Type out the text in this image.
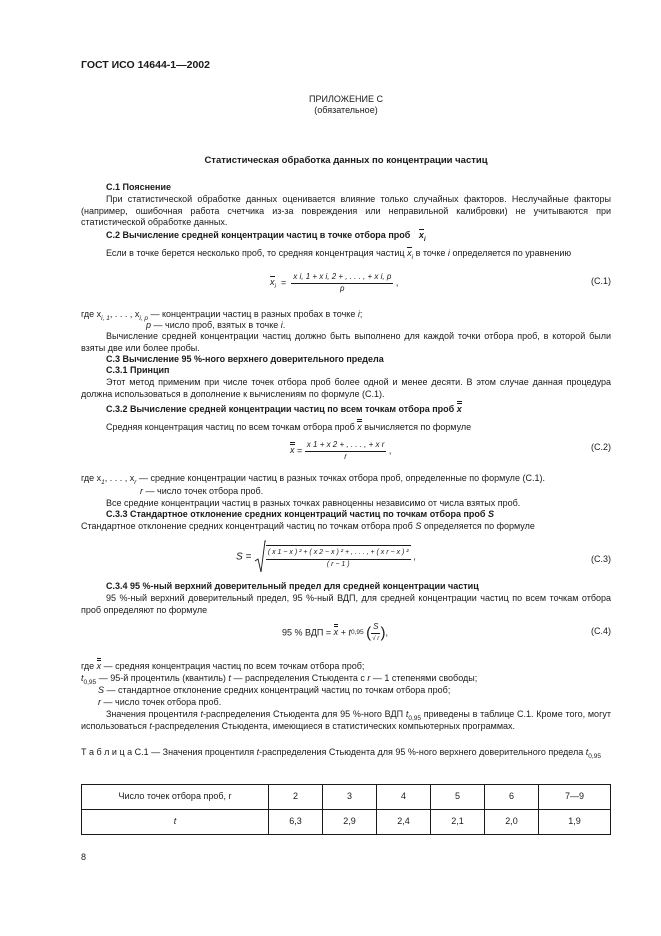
ГОСТ ИСО 14644-1—2002
ПРИЛОЖЕНИЕ С
(обязательное)
Статистическая обработка данных по концентрации частиц
С.1 Пояснение
При статистической обработке данных оценивается влияние только случайных факторов. Неслучайные факторы (например, ошибочная работа счетчика из-за повреждения или неправильной калибровки) не учитываются при статистической обработке данных.
С.2 Вычисление средней концентрации частиц в точке отбора проб $x_i$
Если в точке берется несколько проб, то средняя концентрация частиц $x_i$ в точке i определяется по уравнению
$x_i = \frac{\text{x i, 1 + x i, 2 + , . . . , + x i, p}}{p}$ ,	(С.1)
где $x_{i, 1}$, . . . , $x_{i, p}$ — концентрации частиц в разных пробах в точке i;
p — число проб, взятых в точке i.
Вычисление средней концентрации частиц должно быть выполнено для каждой точки отбора проб, в которой были взяты две или более пробы.
С.3 Вычисление 95 %-ного верхнего доверительного предела
С.3.1 Принцип
Этот метод применим при числе точек отбора проб более одной и менее десяти. В этом случае данная процедура должна использоваться в дополнение к вычислениям по формуле (С.1).
С.3.2 Вычисление средней концентрации частиц по всем точкам отбора проб x
Средняя концентрация частиц по всем точкам отбора проб x вычисляется по формуле
$x = \frac{\text{x 1 + x 2 + , . . . , + x r}}{r}$ ,	(С.2)
где $x_1$, . . . , $x_r$ — средние концентрации частиц в разных точках отбора проб, определенные по формуле (С.1).
r — число точек отбора проб.
Все средние концентрации частиц в разных точках равноценны независимо от числа взятых проб.
С.3.3 Стандартное отклонение средних концентраций частиц по точкам отбора проб S
Стандартное отклонение средних концентраций частиц по точкам отбора проб S определяется по формуле
$S = \frac{\text{( x 1 − x ) ² + ( x 2 − x ) ² + , . . . , + ( x r − x ) ²}}{( r - 1 )}$ ,	(С.3)
С.3.4 95 %-ный верхний доверительный предел для средней концентрации частиц
95 %-ный верхний доверительный предел, 95 %-ный ВДП, для средней концентрации частиц по всем точкам отбора проб определяют по формуле
95 % ВДП = x + t0,95 ( $\frac{S}{√ r}$ ),	(С.4)
где x — средняя концентрация частиц по всем точкам отбора проб;
$t_{0,95}$ — 95-й процентиль (квантиль) t — распределения Стьюдента с r — 1 степенями свободы;
S — стандартное отклонение средних концентраций частиц по точкам отбора проб;
r — число точек отбора проб.
Значения процентиля t-распределения Стьюдента для 95 %-ного ВДП $t_{0,95}$ приведены в таблице С.1. Кроме того, могут использоваться t-распределения Стьюдента, имеющиеся в статистических компьютерных программах.
Т а б л и ц а С.1 — Значения процентиля t-распределения Стьюдента для 95 %-ного верхнего доверительного предела $t_{0,95}$
Число точек отбора проб, r	2	3	4	5	6	7—9
t	6,3	2,9	2,4	2,1	2,0	1,9
8
